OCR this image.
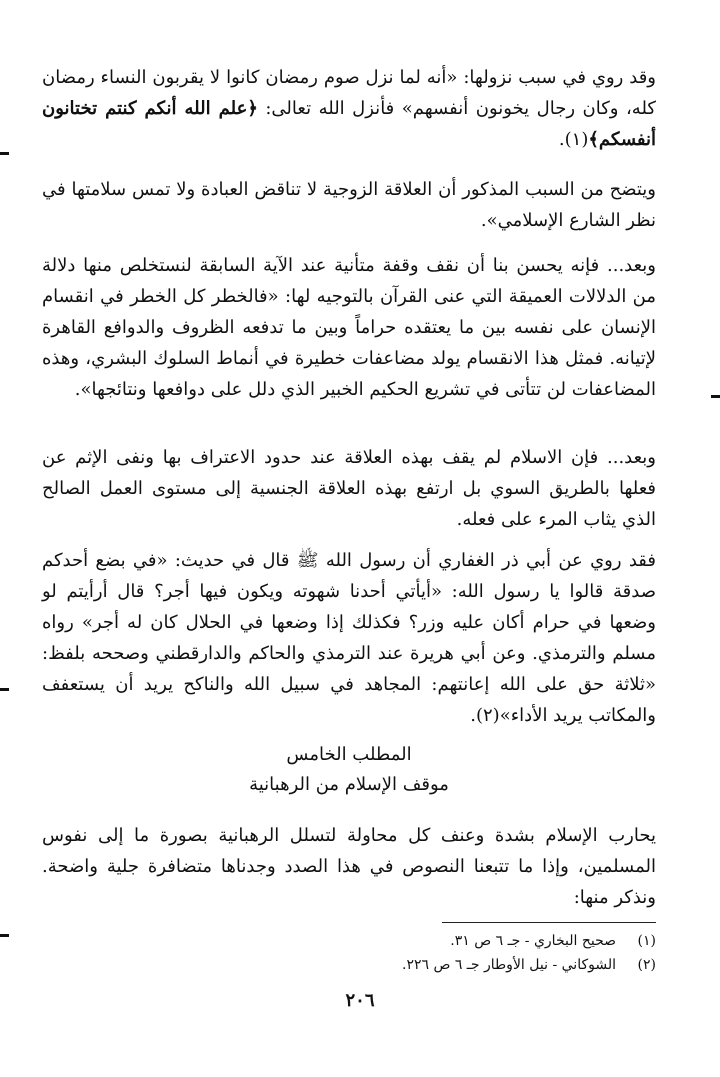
وقد روي في سبب نزولها: «أنه لما نزل صوم رمضان كانوا لا يقربون النساء رمضان كله، وكان رجال يخونون أنفسهم» فأنزل الله تعالى: ﴿علم الله أنكم كنتم تختانون أنفسكم﴾(١).

ويتضح من السبب المذكور أن العلاقة الزوجية لا تناقض العبادة ولا تمس سلامتها في نظر الشارع الإسلامي».

وبعد... فإنه يحسن بنا أن نقف وقفة متأنية عند الآية السابقة لنستخلص منها دلالة من الدلالات العميقة التي عنى القرآن بالتوجيه لها: «فالخطر كل الخطر في انقسام الإنسان على نفسه بين ما يعتقده حراماً وبين ما تدفعه الظروف والدوافع القاهرة لإتيانه. فمثل هذا الانقسام يولد مضاعفات خطيرة في أنماط السلوك البشري، وهذه المضاعفات لن تتأتى في تشريع الحكيم الخبير الذي دلل على دوافعها ونتائجها».

وبعد... فإن الاسلام لم يقف بهذه العلاقة عند حدود الاعتراف بها ونفى الإثم عن فعلها بالطريق السوي بل ارتفع بهذه العلاقة الجنسية إلى مستوى العمل الصالح الذي يثاب المرء على فعله.

فقد روي عن أبي ذر الغفاري أن رسول الله ﷺ قال في حديث: «في بضع أحدكم صدقة قالوا يا رسول الله: «أيأتي أحدنا شهوته ويكون فيها أجر؟ قال أرأيتم لو وضعها في حرام أكان عليه وزر؟ فكذلك إذا وضعها في الحلال كان له أجر» رواه مسلم والترمذي. وعن أبي هريرة عند الترمذي والحاكم والدارقطني وصححه بلفظ: «ثلاثة حق على الله إعانتهم: المجاهد في سبيل الله والناكح يريد أن يستعفف والمكاتب يريد الأداء»(٢).

المطلب الخامس
موقف الإسلام من الرهبانية

يحارب الإسلام بشدة وعنف كل محاولة لتسلل الرهبانية بصورة ما إلى نفوس المسلمين، وإذا ما تتبعنا النصوص في هذا الصدد وجدناها متضافرة جلية واضحة. ونذكر منها:

(١)صحيح البخاري - جـ ٦ ص ٣١.

(٢)الشوكاني - نيل الأوطار جـ ٦ ص ٢٢٦.

٢٠٦
